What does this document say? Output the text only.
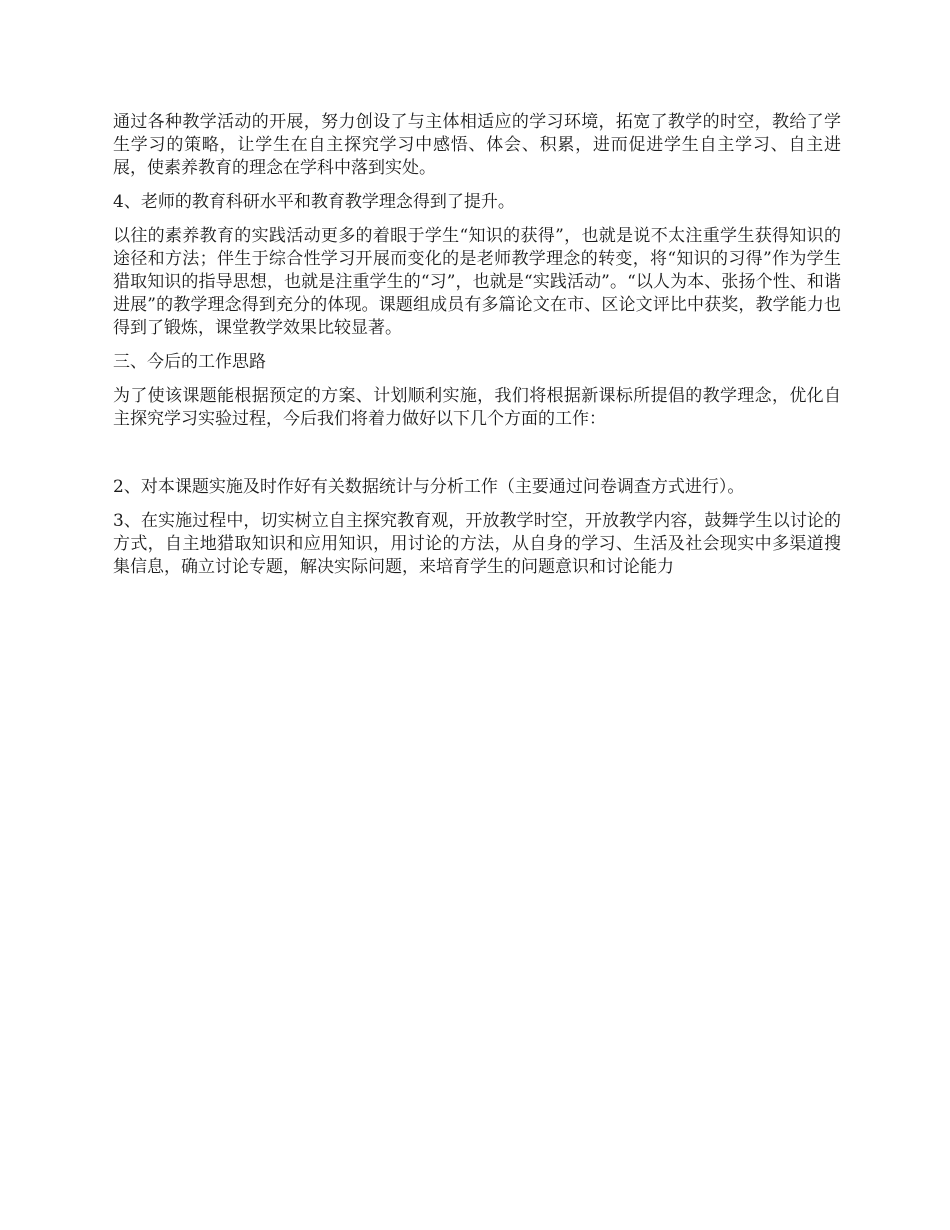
通过各种教学活动的开展，努力创设了与主体相适应的学习环境，拓宽了教学的时空，教给了学生学习的策略，让学生在自主探究学习中感悟、体会、积累，进而促进学生自主学习、自主进展，使素养教育的理念在学科中落到实处。

4、老师的教育科研水平和教育教学理念得到了提升。

以往的素养教育的实践活动更多的着眼于学生“知识的获得”，也就是说不太注重学生获得知识的途径和方法；伴生于综合性学习开展而变化的是老师教学理念的转变，将“知识的习得”作为学生猎取知识的指导思想，也就是注重学生的“习”，也就是“实践活动”。“以人为本、张扬个性、和谐进展”的教学理念得到充分的体现。课题组成员有多篇论文在市、区论文评比中获奖，教学能力也得到了锻炼，课堂教学效果比较显著。

三、今后的工作思路

为了使该课题能根据预定的方案、计划顺利实施，我们将根据新课标所提倡的教学理念，优化自主探究学习实验过程，今后我们将着力做好以下几个方面的工作：

2、对本课题实施及时作好有关数据统计与分析工作（主要通过问卷调查方式进行）。

3、在实施过程中，切实树立自主探究教育观，开放教学时空，开放教学内容，鼓舞学生以讨论的方式，自主地猎取知识和应用知识，用讨论的方法，从自身的学习、生活及社会现实中多渠道搜集信息，确立讨论专题，解决实际问题，来培育学生的问题意识和讨论能力
